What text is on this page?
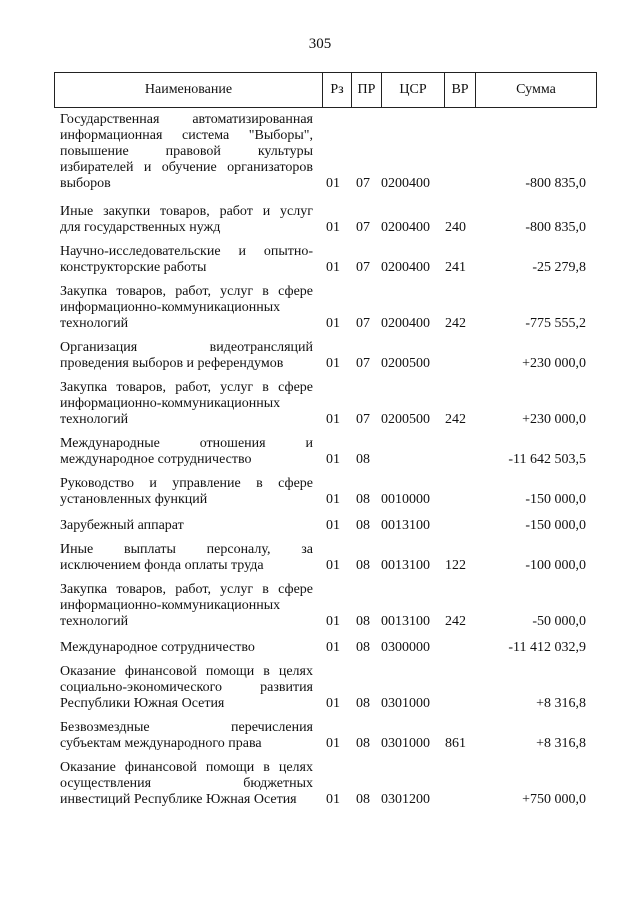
305
Наименование	Рз ПР	ЦСР	ВР	Сумма
Государственная автоматизированная
информационная система "Выборы",
повышение правовой культуры
избирателей и обучение организаторов
выборов	01 07 0200400	-800 835,0
Иные закупки товаров, работ и услуг
для государственных нужд	01 07 0200400	240	-800 835,0
Научно-исследовательские и опытно-
конструкторские работы	01 07 0200400	241	-25 279,8
Закупка товаров, работ, услуг в сфере
информационно-коммуникационных
технологий	01 07 0200400	242	-775 555,2
Организация видеотрансляций
проведения выборов и референдумов	01 07 0200500	+230 000,0
Закупка товаров, работ, услуг в сфере
информационно-коммуникационных
технологий	01 07 0200500	242	+230 000,0
Международные отношения и
международное сотрудничество	01 08	-11 642 503,5
Руководство и управление в сфере
установленных функций	01 08 0010000	-150 000,0
Зарубежный аппарат	01 08 0013100	-150 000,0
Иные выплаты персоналу, за
исключением фонда оплаты труда	01 08 0013100	122	-100 000,0
Закупка товаров, работ, услуг в сфере
информационно-коммуникационных
технологий	01 08 0013100	242	-50 000,0
Международное сотрудничество	01 08 0300000	-11 412 032,9
Оказание финансовой помощи в целях
социально-экономического развития
Республики Южная Осетия	01 08 0301000	+8 316,8
Безвозмездные перечисления
субъектам международного права	01 08 0301000	861	+8 316,8
Оказание финансовой помощи в целях
осуществления бюджетных
инвестиций Республике Южная Осетия	01 08 0301200	+750 000,0
